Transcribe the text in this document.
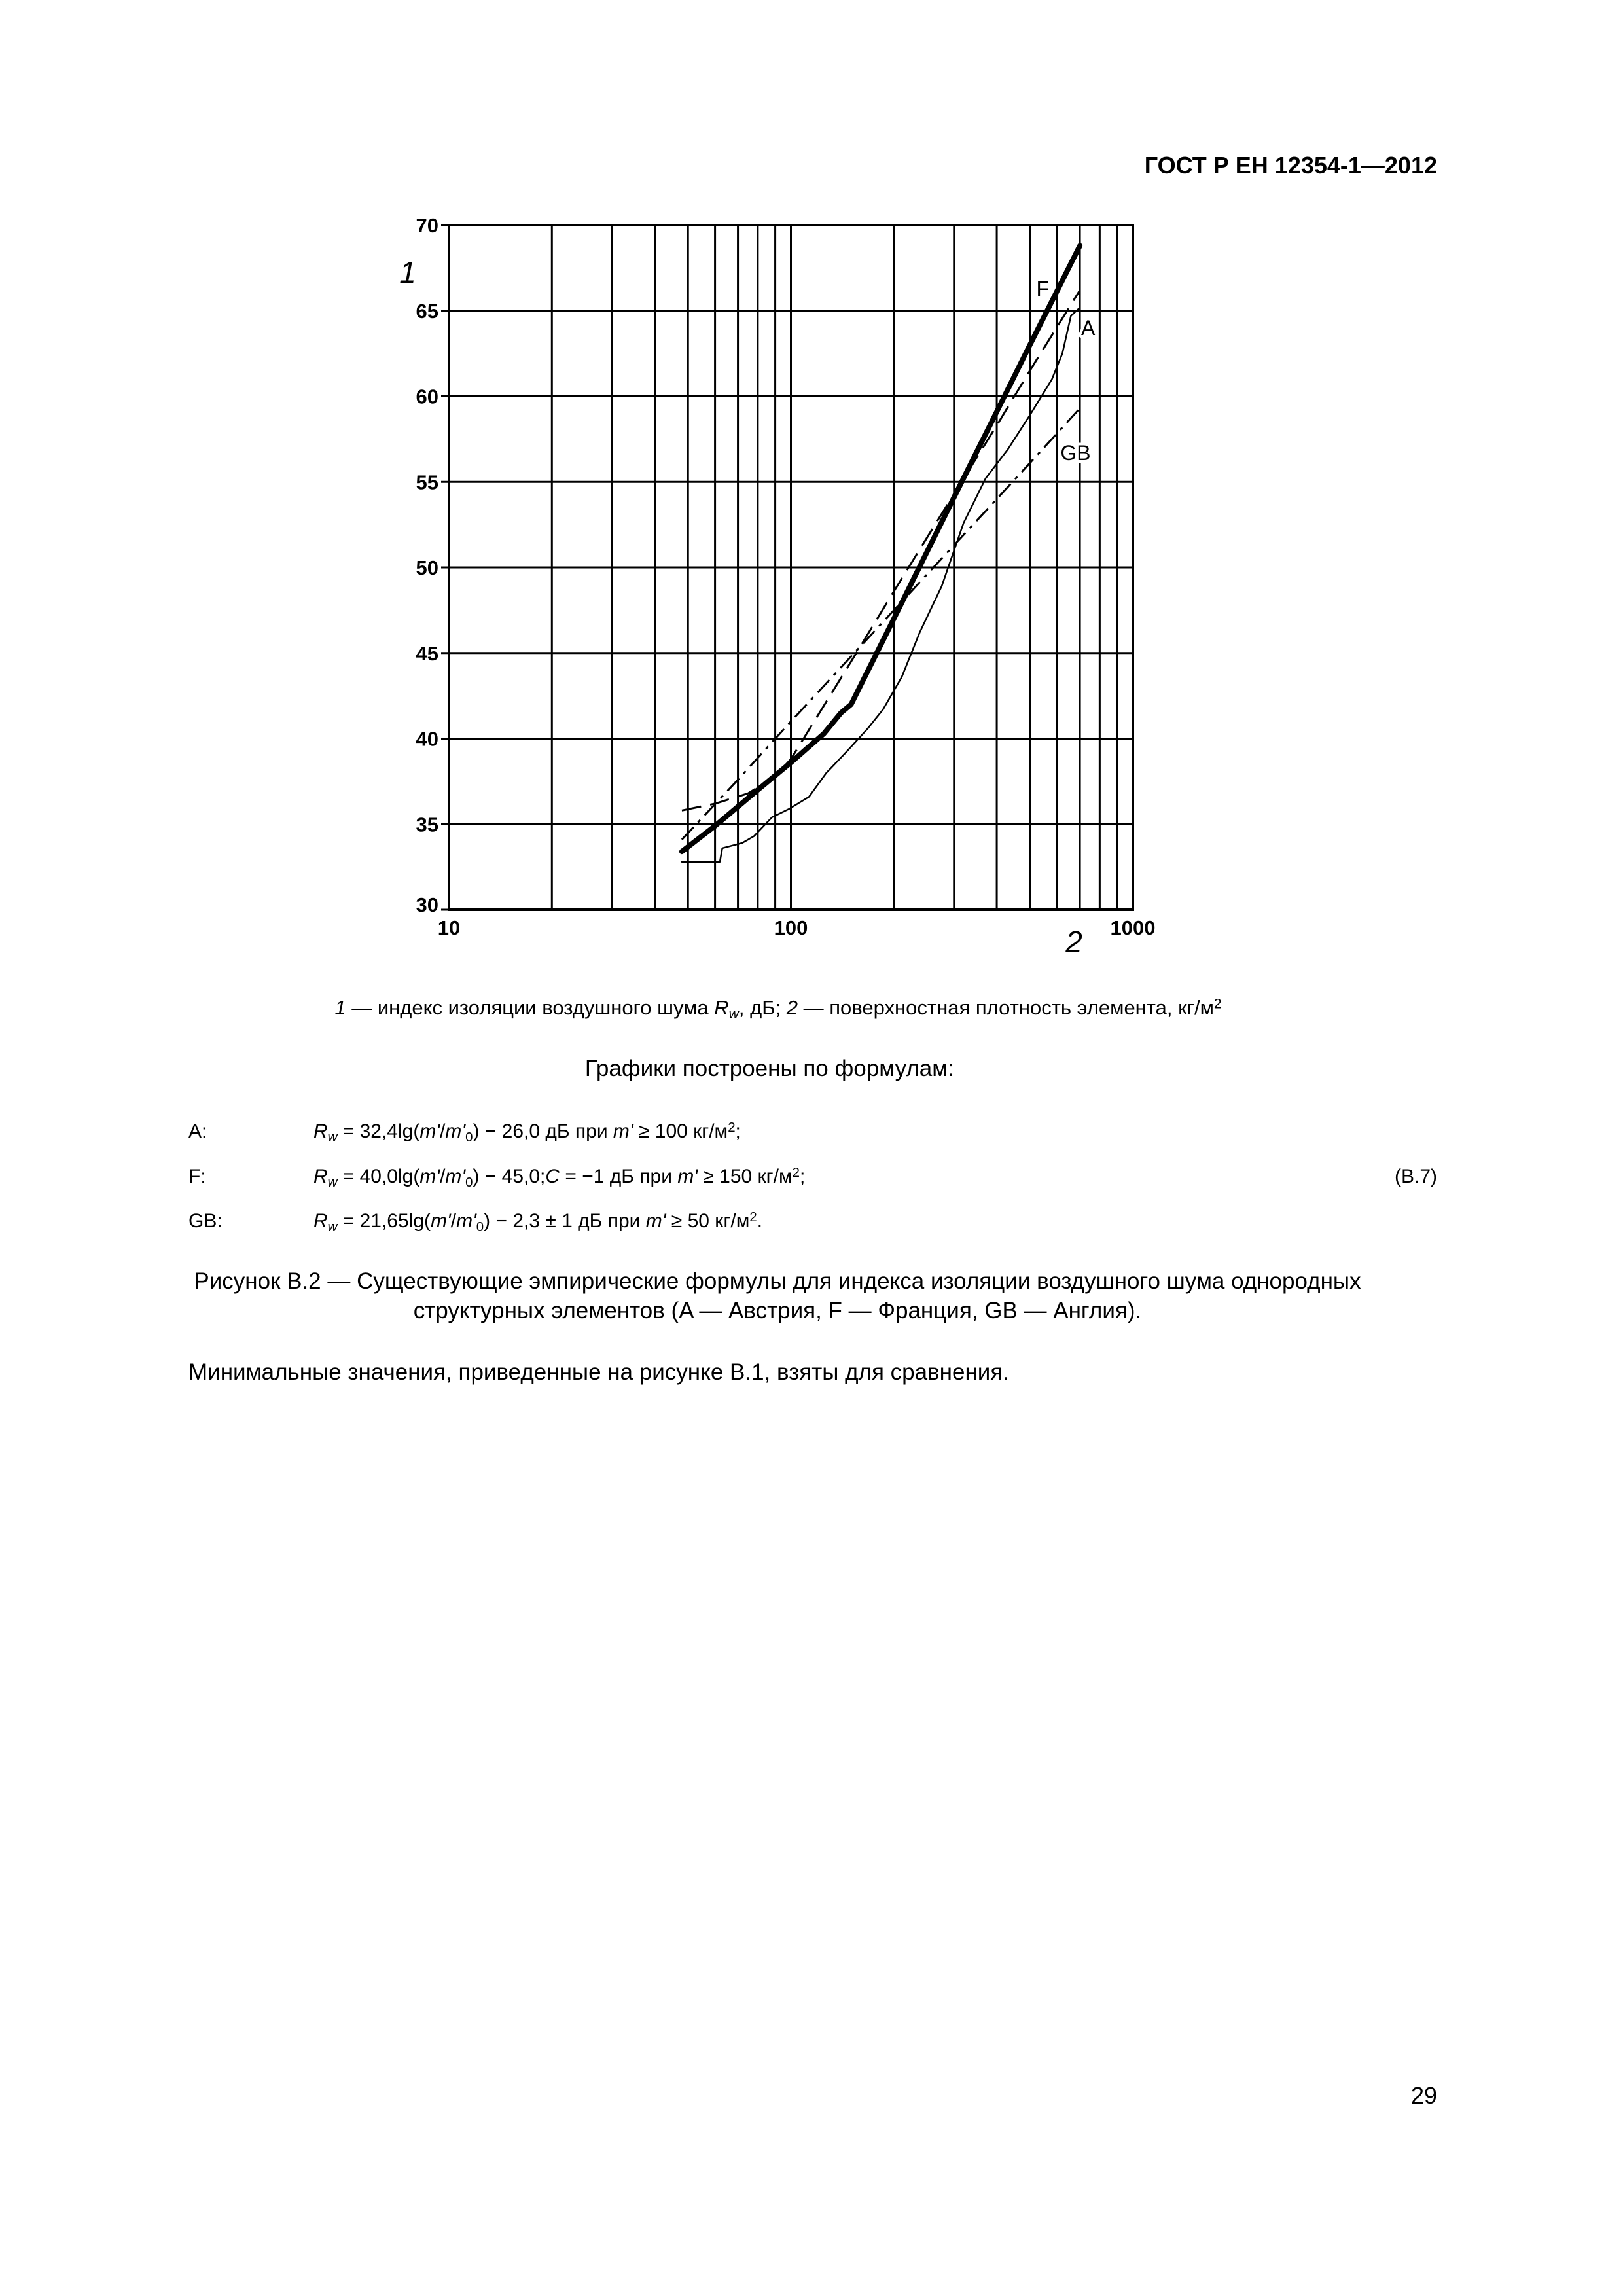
ГОСТ Р ЕН 12354-1—2012
30
35
40
45
50
55
60
65
70
10	100	1000
F
A
GB
1
2
1 — индекс изоляции воздушного шума $R_w$, дБ; 2 — поверхностная плотность элемента, $кг/м^2$
Графики построены по формулам:
A:	$R_w = 32,4\lg(m'/m'_0) - 26,0$ дБ при m' ≥ 100 $кг/м^2$;
F:	$R_w = 40,0\lg(m'/m'_0)$ − 45,0;C = −1 дБ при m' ≥ 150 $кг/м^2$;	(В.7)
GB:	$R_w = 21,65\lg(m'/m'_0) - 2,3 \pm 1$ дБ при m' ≥ 50 $кг/м^2$.
Рисунок В.2 — Существующие эмпирические формулы для индекса изоляции воздушного шума однородных
структурных элементов (A — Австрия, F — Франция, GB — Англия).
Минимальные значения, приведенные на рисунке В.1, взяты для сравнения.
29
